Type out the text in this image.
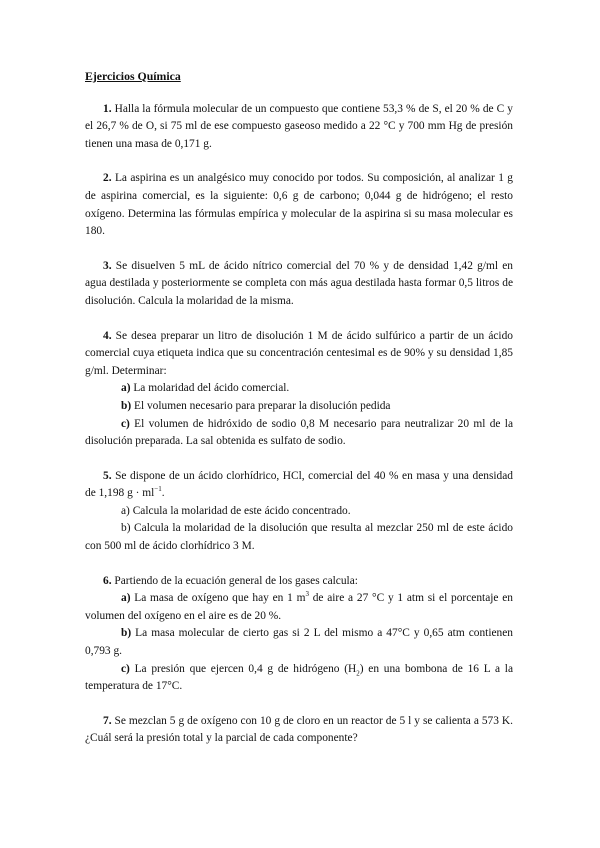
Ejercicios Química

1. Halla la fórmula molecular de un compuesto que contiene 53,3 % de S, el 20 % de C y el 26,7 % de O, si 75 ml de ese compuesto gaseoso medido a 22 °C y 700 mm Hg de presión tienen una masa de 0,171 g.

2. La aspirina es un analgésico muy conocido por todos. Su composición, al analizar 1 g de aspirina comercial, es la siguiente: 0,6 g de carbono; 0,044 g de hidrógeno; el resto oxígeno. Determina las fórmulas empírica y molecular de la aspirina si su masa molecular es 180.

3. Se disuelven 5 mL de ácido nítrico comercial del 70 % y de densidad 1,42 g/ml en agua destilada y posteriormente se completa con más agua destilada hasta formar 0,5 litros de disolución. Calcula la molaridad de la misma.

4. Se desea preparar un litro de disolución 1 M de ácido sulfúrico a partir de un ácido comercial cuya etiqueta indica que su concentración centesimal es de 90% y su densidad 1,85 g/ml. Determinar:

a) La molaridad del ácido comercial.
b) El volumen necesario para preparar la disolución pedida
c) El volumen de hidróxido de sodio 0,8 M necesario para neutralizar 20 ml de la disolución preparada. La sal obtenida es sulfato de sodio.

5. Se dispone de un ácido clorhídrico, HCl, comercial del 40 % en masa y una densidad de 1,198 $g \cdot ml^{-1}$.

a) Calcula la molaridad de este ácido concentrado.
b) Calcula la molaridad de la disolución que resulta al mezclar 250 ml de este ácido con 500 ml de ácido clorhídrico 3 M.

6. Partiendo de la ecuación general de los gases calcula:

a) La masa de oxígeno que hay en 1 $m^3$ de aire a 27 °C y 1 atm si el porcentaje en volumen del oxígeno en el aire es de 20 %.
b) La masa molecular de cierto gas si 2 L del mismo a 47°C y 0,65 atm contienen 0,793 g.
c) La presión que ejercen 0,4 g de hidrógeno $(H_2)$ en una bombona de 16 L a la temperatura de 17°C.

7. Se mezclan 5 g de oxígeno con 10 g de cloro en un reactor de 5 l y se calienta a 573 K. ¿Cuál será la presión total y la parcial de cada componente?
